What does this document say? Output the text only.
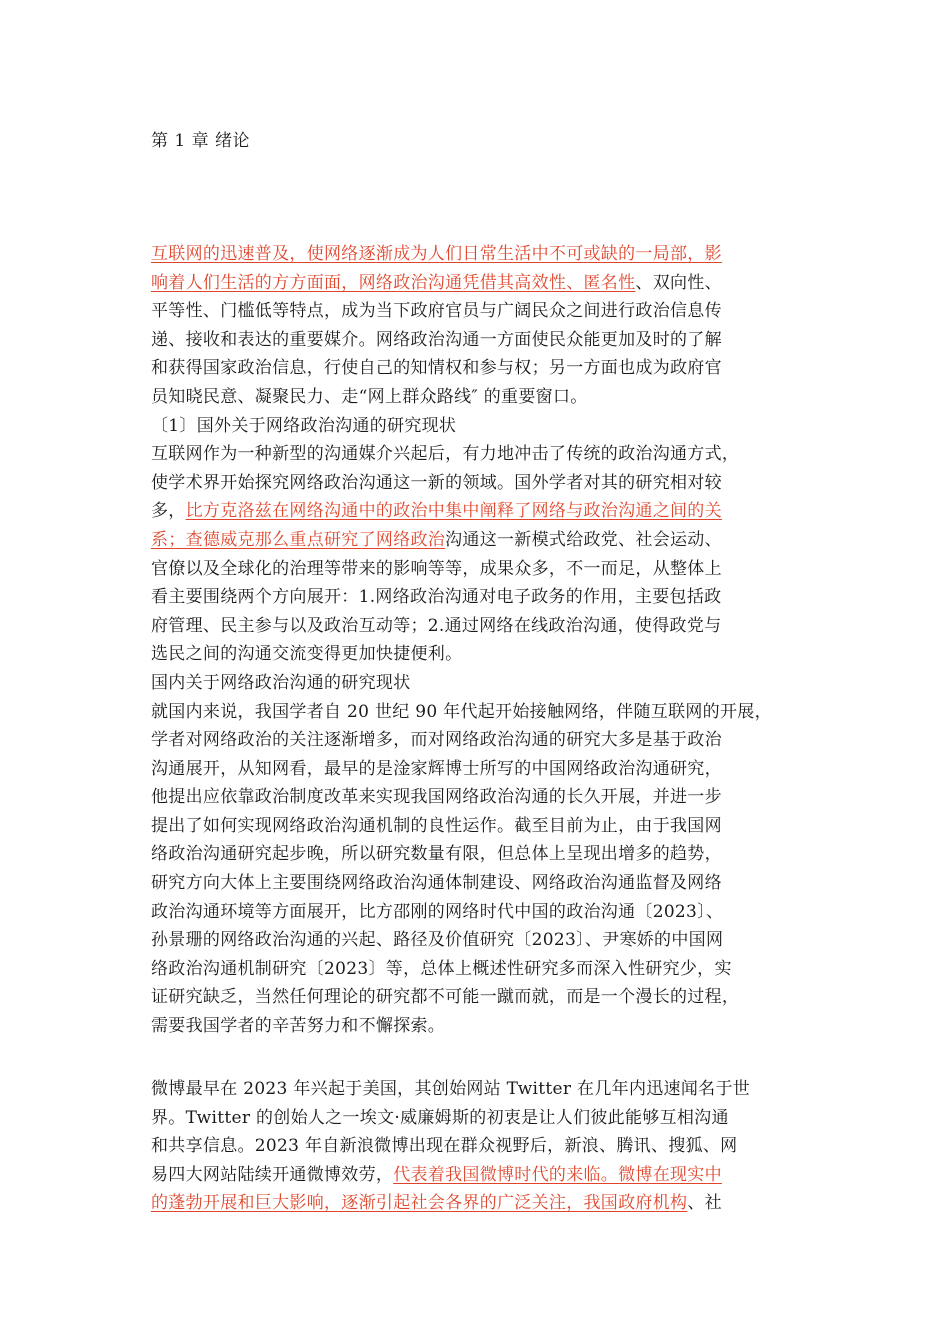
第 1 章 绪论
互联网的迅速普及，使网络逐渐成为人们日常生活中不可或缺的一局部，影
响着人们生活的方方面面，网络政治沟通凭借其高效性、匿名性、双向性、
平等性、门槛低等特点，成为当下政府官员与广阔民众之间进行政治信息传
递、接收和表达的重要媒介。网络政治沟通一方面使民众能更加及时的了解
和获得国家政治信息，行使自己的知情权和参与权；另一方面也成为政府官
员知晓民意、凝聚民力、走“网上群众路线″ 的重要窗口。
〔1〕国外关于网络政治沟通的研究现状
互联网作为一种新型的沟通媒介兴起后，有力地冲击了传统的政治沟通方式，
使学术界开始探究网络政治沟通这一新的领域。国外学者对其的研究相对较
多，比方克洛兹在网络沟通中的政治中集中阐释了网络与政治沟通之间的关
系；查德威克那么重点研究了网络政治沟通这一新模式给政党、社会运动、
官僚以及全球化的治理等带来的影响等等，成果众多，不一而足，从整体上
看主要围绕两个方向展开：1.网络政治沟通对电子政务的作用，主要包括政
府管理、民主参与以及政治互动等；2.通过网络在线政治沟通，使得政党与
选民之间的沟通交流变得更加快捷便利。
国内关于网络政治沟通的研究现状
就国内来说，我国学者自 20 世纪 90 年代起开始接触网络，伴随互联网的开展，
学者对网络政治的关注逐渐增多，而对网络政治沟通的研究大多是基于政治
沟通展开，从知网看，最早的是淦家辉博士所写的中国网络政治沟通研究，
他提出应依靠政治制度改革来实现我国网络政治沟通的长久开展，并进一步
提出了如何实现网络政治沟通机制的良性运作。截至目前为止，由于我国网
络政治沟通研究起步晚，所以研究数量有限，但总体上呈现出增多的趋势，
研究方向大体上主要围绕网络政治沟通体制建设、网络政治沟通监督及网络
政治沟通环境等方面展开，比方邵刚的网络时代中国的政治沟通〔2023〕、
孙景珊的网络政治沟通的兴起、路径及价值研究〔2023〕、尹寒娇的中国网
络政治沟通机制研究〔2023〕等，总体上概述性研究多而深入性研究少，实
证研究缺乏，当然任何理论的研究都不可能一蹴而就，而是一个漫长的过程，
需要我国学者的辛苦努力和不懈探索。
微博最早在 2023 年兴起于美国，其创始网站 Twitter 在几年内迅速闻名于世
界。Twitter 的创始人之一埃文·威廉姆斯的初衷是让人们彼此能够互相沟通
和共享信息。2023 年自新浪微博出现在群众视野后，新浪、腾讯、搜狐、网
易四大网站陆续开通微博效劳，代表着我国微博时代的来临。微博在现实中
的蓬勃开展和巨大影响，逐渐引起社会各界的广泛关注，我国政府机构、社
